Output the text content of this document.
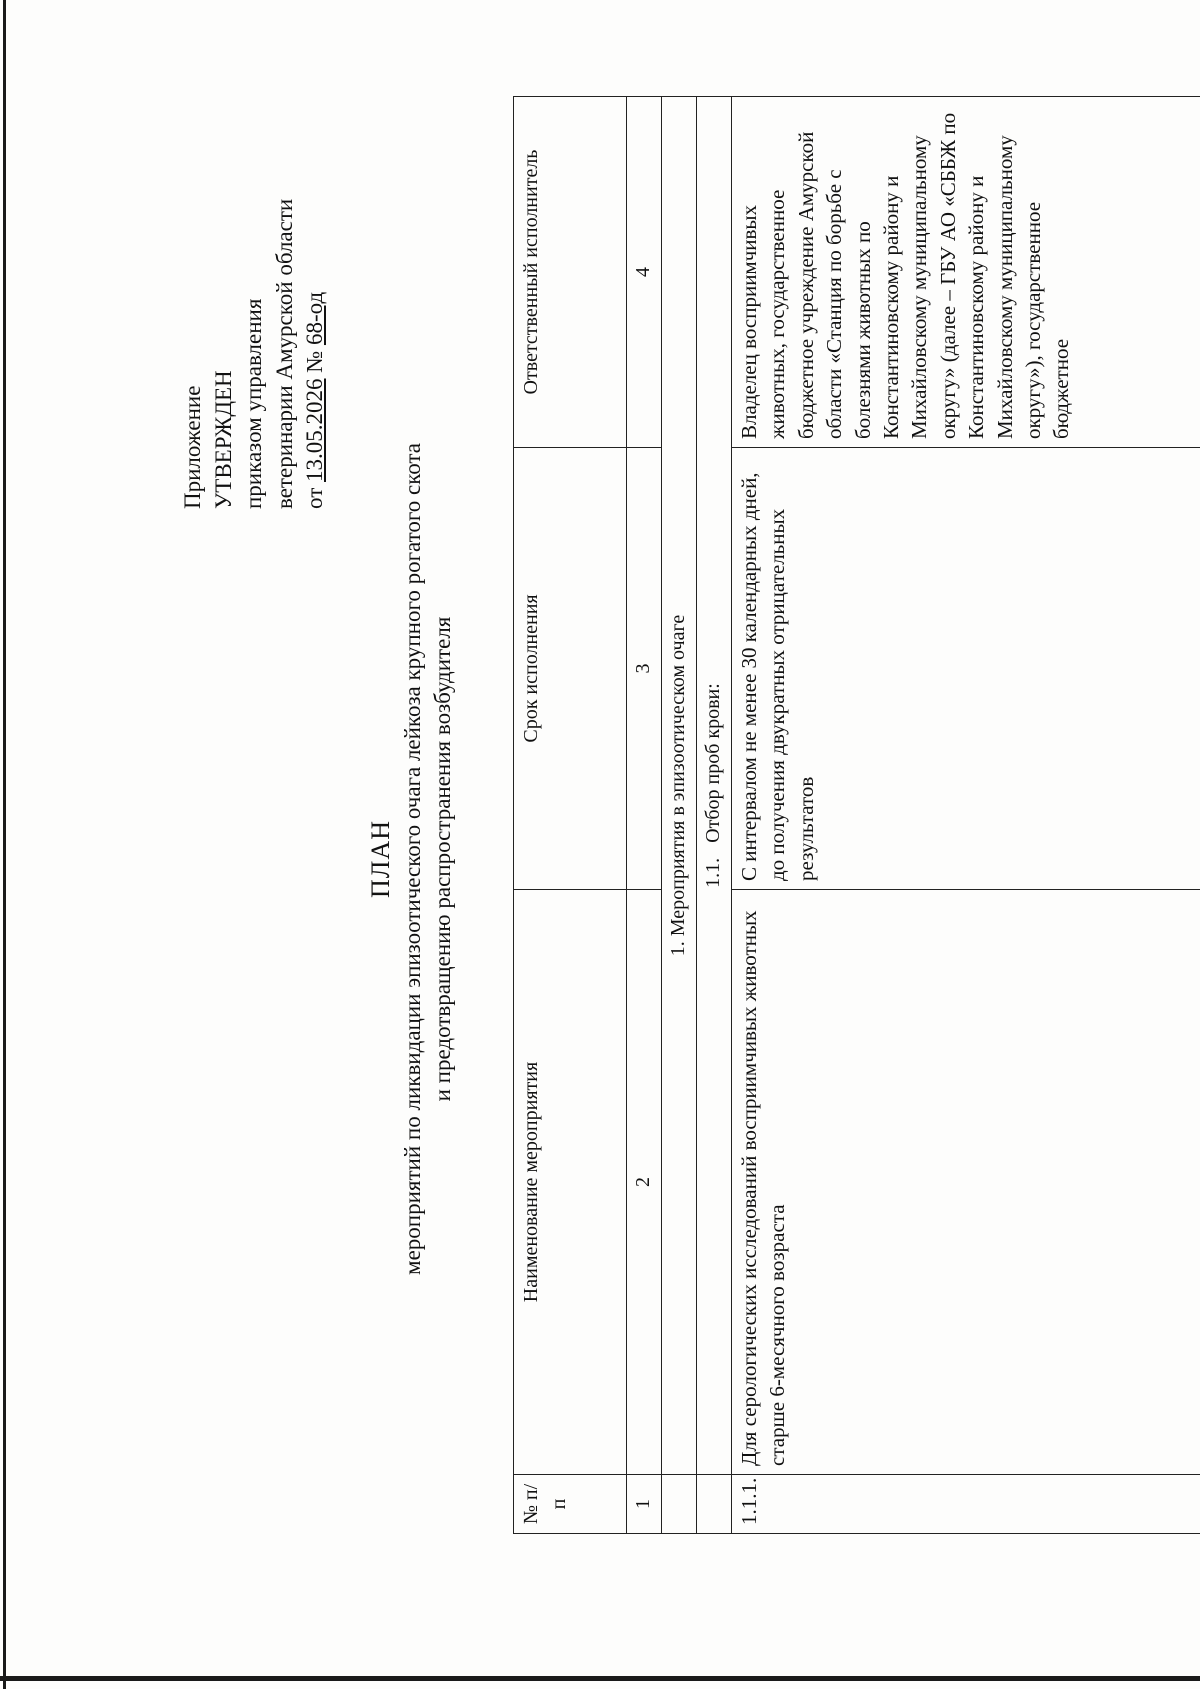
Приложение УТВЕРЖДЕН приказом управления ветеринарии Амурской области от 13.05.2026 № 68-од
ПЛАН мероприятий по ликвидации эпизоотического очага лейкоза крупного рогатого скота и предотвращению распространения возбудителя
№ п/п	Наименование мероприятия	Срок исполнения	Ответственный исполнитель
1	2	3	4
	1. Мероприятия в эпизоотическом очаге		
	1.1.   Отбор проб крови:		
1.1.1.	Для серологических исследований восприимчивых животных старше 6-месячного возраста	С интервалом не менее 30 календарных дней, до получения двукратных отрицательных результатов	Владелец восприимчивых животных, государственное бюджетное учреждение Амурской области «Станция по борьбе с болезнями животных по Константиновскому району и Михайловскому муниципальному округу» (далее – ГБУ АО «СББЖ по Константиновскому району и Михайловскому муниципальному округу»), государственное бюджетное
